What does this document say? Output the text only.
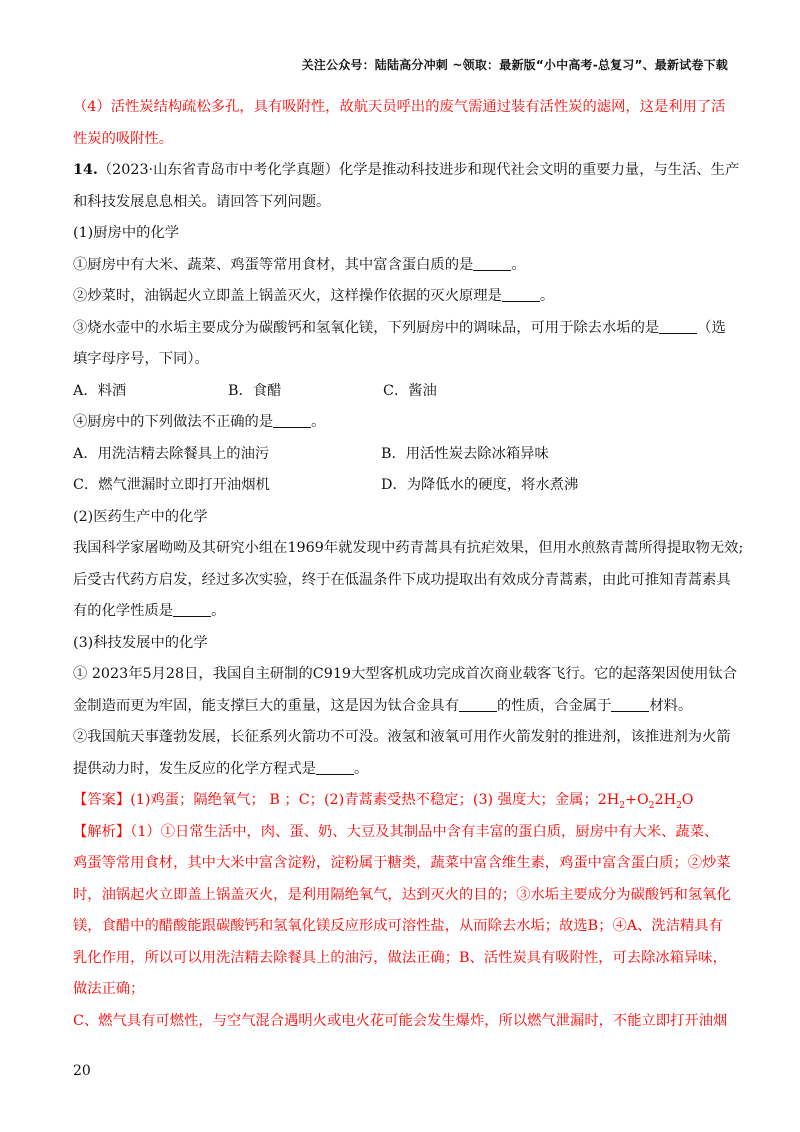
关注公众号：陆陆高分冲刺 ~领取：最新版“小中高考-总复习”、最新试卷下载
（4）活性炭结构疏松多孔，具有吸附性，故航天员呼出的废气需通过装有活性炭的滤网，这是利用了活
性炭的吸附性。
14.（2023·山东省青岛市中考化学真题）化学是推动科技进步和现代社会文明的重要力量，与生活、生产
和科技发展息息相关。请回答下列问题。
(1)厨房中的化学
①厨房中有大米、蔬菜、鸡蛋等常用食材，其中富含蛋白质的是	。
②炒菜时，油锅起火立即盖上锅盖灭火，这样操作依据的灭火原理是	。
③烧水壶中的水垢主要成分为碳酸钙和氢氧化镁，下列厨房中的调味品，可用于除去水垢的是	（选
填字母序号，下同）。
A．料酒	B．食醋	C．酱油
④厨房中的下列做法不正确的是	。
A．用洗洁精去除餐具上的油污	B．用活性炭去除冰箱异味
C．燃气泄漏时立即打开油烟机	D．为降低水的硬度，将水煮沸
(2)医药生产中的化学
我国科学家屠呦呦及其研究小组在1969年就发现中药青蒿具有抗疟效果，但用水煎熬青蒿所得提取物无效;
后受古代药方启发，经过多次实验，终于在低温条件下成功提取出有效成分青蒿素，由此可推知青蒿素具
有的化学性质是	。
(3)科技发展中的化学
① 2023年5月28日，我国自主研制的C919大型客机成功完成首次商业载客飞行。它的起落架因使用钛合
金制造而更为牢固，能支撑巨大的重量，这是因为钛合金具有	的性质，合金属于	材料。
②我国航天事蓬勃发展，长征系列火箭功不可没。液氢和液氧可用作火箭发射的推进剂，该推进剂为火箭
提供动力时，发生反应的化学方程式是	。
【答案】(1)鸡蛋；隔绝氧气； B ；C；(2)青蒿素受热不稳定；(3) 强度大；金属；$2H_2+O_22H_2O$
【解析】（1）①日常生活中，肉、蛋、奶、大豆及其制品中含有丰富的蛋白质，厨房中有大米、蔬菜、
鸡蛋等常用食材，其中大米中富含淀粉，淀粉属于糖类，蔬菜中富含维生素，鸡蛋中富含蛋白质；②炒菜
时，油锅起火立即盖上锅盖灭火，是利用隔绝氧气，达到灭火的目的；③水垢主要成分为碳酸钙和氢氧化
镁，食醋中的醋酸能跟碳酸钙和氢氧化镁反应形成可溶性盐，从而除去水垢；故选B；④A、洗洁精具有
乳化作用，所以可以用洗洁精去除餐具上的油污，做法正确；B、活性炭具有吸附性，可去除冰箱异味，
做法正确；
C、燃气具有可燃性，与空气混合遇明火或电火花可能会发生爆炸，所以燃气泄漏时，不能立即打开油烟
20
